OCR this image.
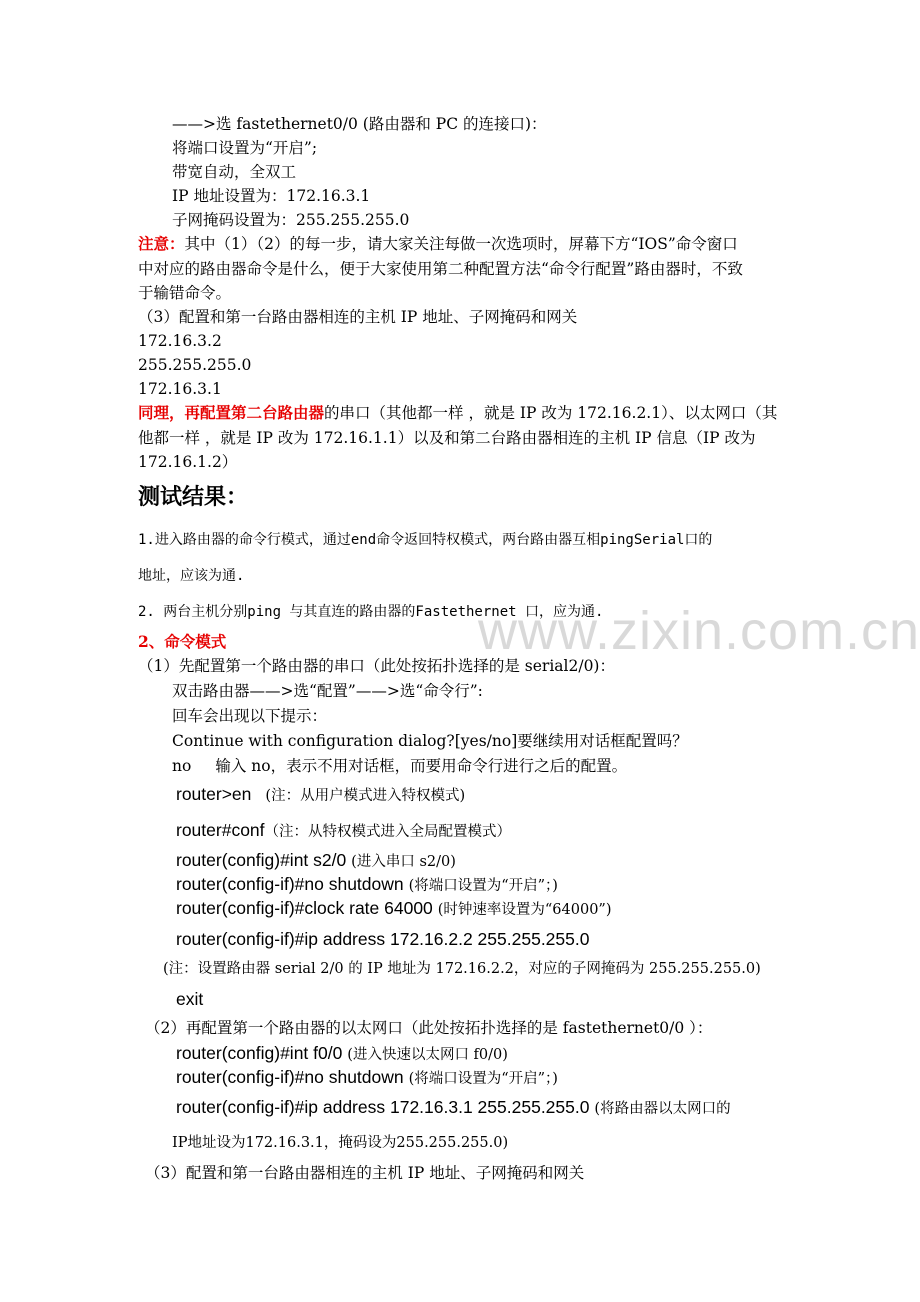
www.zixin.com.cn
——>选 fastethernet0/0 (路由器和 PC 的连接口)：
将端口设置为“开启”;
带宽自动，全双工
IP 地址设置为：172.16.3.1
子网掩码设置为：255.255.255.0
注意：其中（1）（2）的每一步，请大家关注每做一次选项时，屏幕下方“IOS”命令窗口
中对应的路由器命令是什么，便于大家使用第二种配置方法“命令行配置”路由器时，不致
于输错命令。
（3）配置和第一台路由器相连的主机 IP 地址、子网掩码和网关
172.16.3.2
255.255.255.0
172.16.3.1
同理，再配置第二台路由器的串口（其他都一样 ，就是 IP 改为 172.16.2.1）、以太网口（其
他都一样 ，就是 IP 改为 172.16.1.1）以及和第二台路由器相连的主机 IP 信息（IP 改为
172.16.1.2）
测试结果：
1.进入路由器的命令行模式，通过end命令返回特权模式，两台路由器互相pingSerial口的
地址，应该为通.
2. 两台主机分别ping 与其直连的路由器的Fastethernet 口，应为通.
2、命令模式
（1）先配置第一个路由器的串口（此处按拓扑选择的是 serial2/0)：
双击路由器——>选“配置”——>选“命令行”:
回车会出现以下提示：
Continue with configuration dialog?[yes/no]要继续用对话框配置吗？
no 输入 no，表示不用对话框，而要用命令行进行之后的配置。
router>en (注：从用户模式进入特权模式)
router#conf（注：从特权模式进入全局配置模式）
router(config)#int s2/0 (进入串口 s2/0)
router(config-if)#no shutdown (将端口设置为“开启”；)
router(config-if)#clock rate 64000 (时钟速率设置为“64000”)
router(config-if)#ip address 172.16.2.2 255.255.255.0
(注：设置路由器 serial 2/0 的 IP 地址为 172.16.2.2，对应的子网掩码为 255.255.255.0)
exit
（2）再配置第一个路由器的以太网口（此处按拓扑选择的是 fastethernet0/0 ）：
router(config)#int f0/0 (进入快速以太网口 f0/0)
router(config-if)#no shutdown (将端口设置为“开启”；)
router(config-if)#ip address 172.16.3.1 255.255.255.0 (将路由器以太网口的
IP地址设为172.16.3.1，掩码设为255.255.255.0)
（3）配置和第一台路由器相连的主机 IP 地址、子网掩码和网关
